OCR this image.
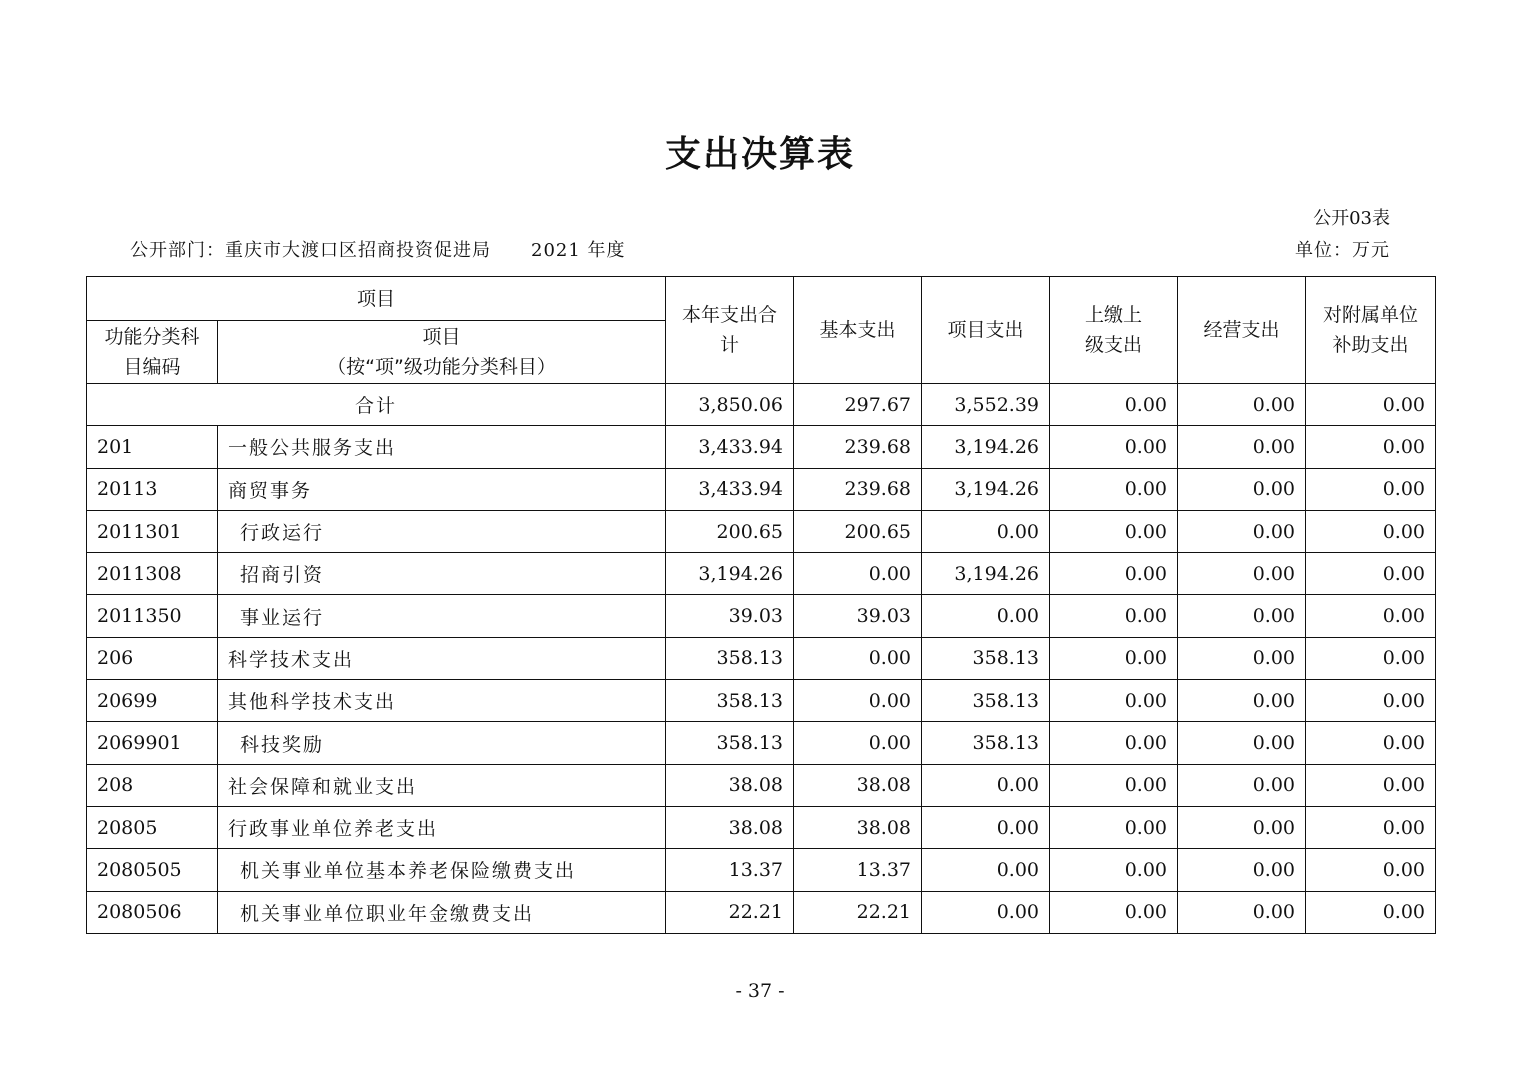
支出决算表
公开03表
公开部门：重庆市大渡口区招商投资促进局 2021 年度	单位：万元
项目		本年支出合计	基本支出	项目支出	上缴上级支出	经营支出	对附属单位补助支出
功能分类科目编码	项目
（按“项”级功能分类科目）						

合计		3,850.06	297.67	3,552.39	0.00	0.00	0.00
201	一般公共服务支出	3,433.94	239.68	3,194.26	0.00	0.00	0.00
20113	商贸事务	3,433.94	239.68	3,194.26	0.00	0.00	0.00
2011301	行政运行	200.65	200.65	0.00	0.00	0.00	0.00
2011308	招商引资	3,194.26	0.00	3,194.26	0.00	0.00	0.00
2011350	事业运行	39.03	39.03	0.00	0.00	0.00	0.00
206	科学技术支出	358.13	0.00	358.13	0.00	0.00	0.00
20699	其他科学技术支出	358.13	0.00	358.13	0.00	0.00	0.00
2069901	科技奖励	358.13	0.00	358.13	0.00	0.00	0.00
208	社会保障和就业支出	38.08	38.08	0.00	0.00	0.00	0.00
20805	行政事业单位养老支出	38.08	38.08	0.00	0.00	0.00	0.00
2080505	机关事业单位基本养老保险缴费支出	13.37	13.37	0.00	0.00	0.00	0.00
2080506	机关事业单位职业年金缴费支出	22.21	22.21	0.00	0.00	0.00	0.00
- 37 -
